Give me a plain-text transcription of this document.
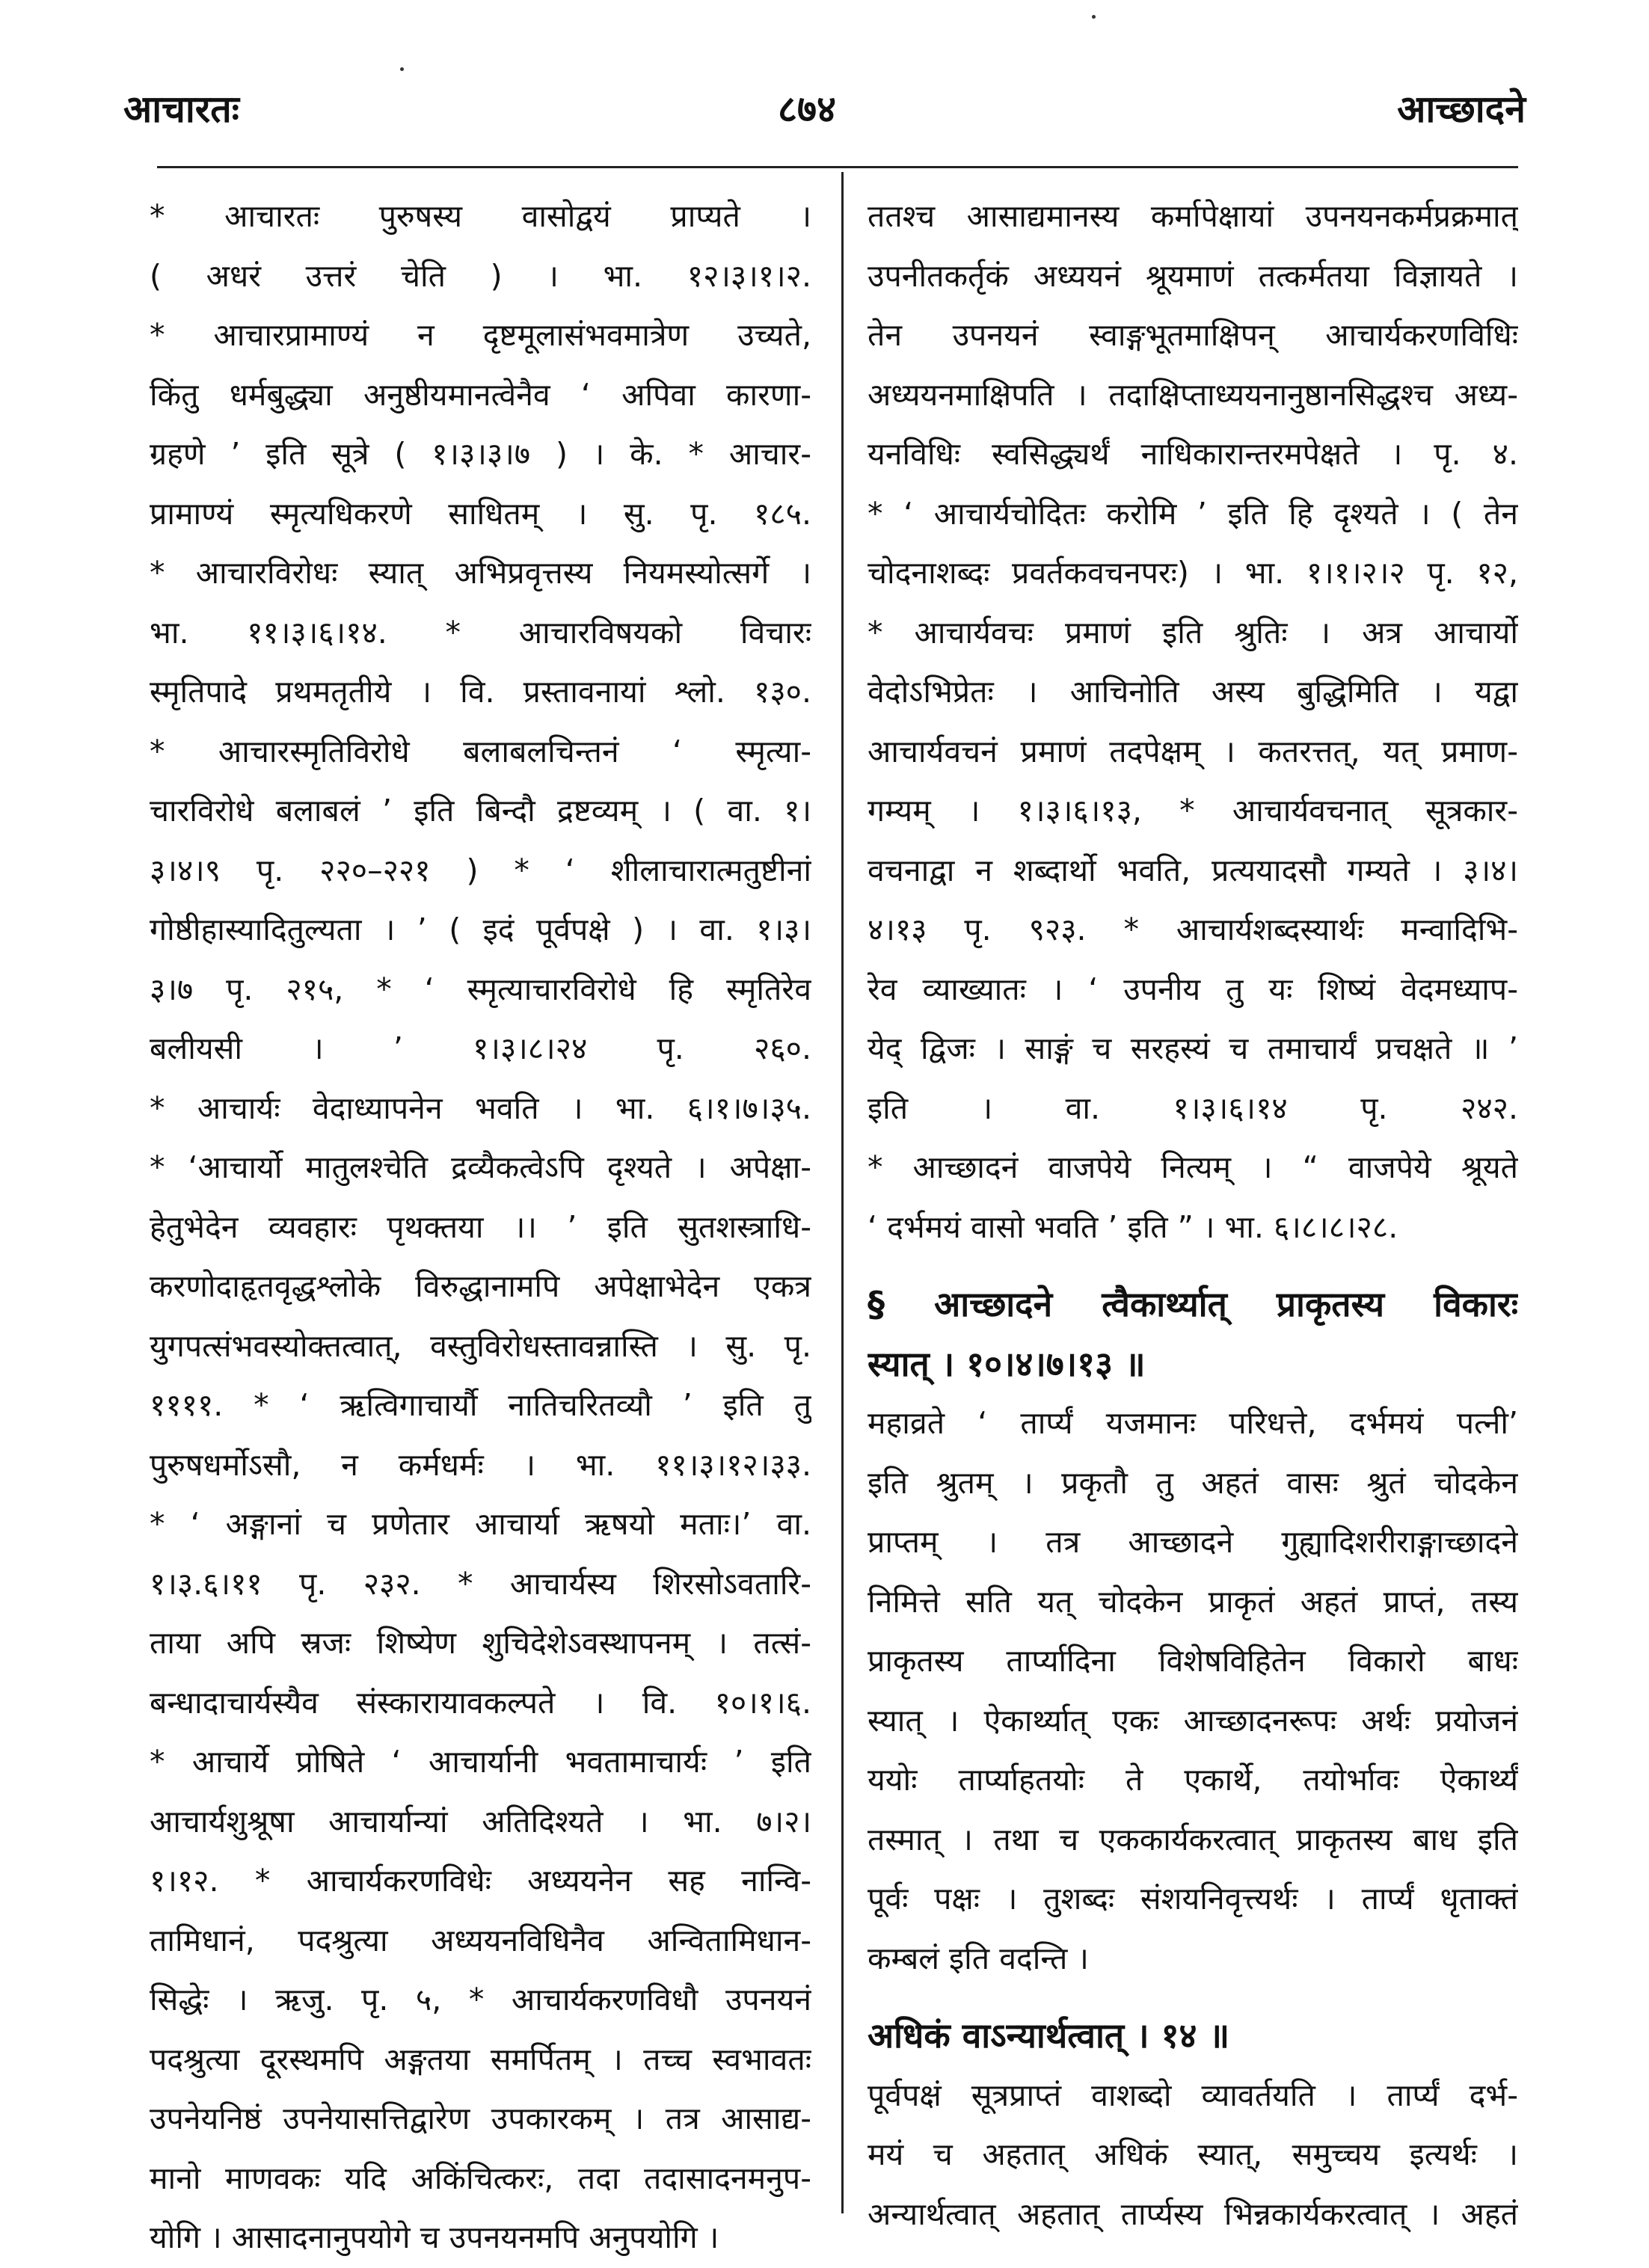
आचारतः	८७४	आच्छादने
* आचारतः पुरुषस्य वासोद्वयं प्राप्यते ।
( अधरं उत्तरं चेति ) । भा. १२।३।१।२.
* आचारप्रामाण्यं न दृष्टमूलासंभवमात्रेण उच्यते,
किंतु धर्मबुद्ध्या अनुष्ठीयमानत्वेनैव ‘ अपिवा कारणा-
ग्रहणे ’ इति सूत्रे ( १।३।३।७ ) । के. * आचार-
प्रामाण्यं स्मृत्यधिकरणे साधितम् । सु. पृ. १८५.
* आचारविरोधः स्यात् अभिप्रवृत्तस्य नियमस्योत्सर्गे ।
भा. ११।३।६।१४. * आचारविषयको विचारः
स्मृतिपादे प्रथमतृतीये । वि. प्रस्तावनायां श्लो. १३०.
* आचारस्मृतिविरोधे बलाबलचिन्तनं ‘ स्मृत्या-
चारविरोधे बलाबलं ’ इति बिन्दौ द्रष्टव्यम् । ( वा. १।
३।४।९ पृ. २२०–२२१ ) * ‘ शीलाचारात्मतुष्टीनां
गोष्ठीहास्यादितुल्यता । ’ ( इदं पूर्वपक्षे ) । वा. १।३।
३।७ पृ. २१५, * ‘ स्मृत्याचारविरोधे हि स्मृतिरेव
बलीयसी । ’ १।३।८।२४ पृ. २६०.
* आचार्यः वेदाध्यापनेन भवति । भा. ६।१।७।३५.
* ‘आचार्यो मातुलश्चेति द्रव्यैकत्वेऽपि दृश्यते । अपेक्षा-
हेतुभेदेन व्यवहारः पृथक्तया ।। ’ इति सुतशस्त्राधि-
करणोदाहृतवृद्धश्लोके विरुद्धानामपि अपेक्षाभेदेन एकत्र
युगपत्संभवस्योक्तत्वात्, वस्तुविरोधस्तावन्नास्ति । सु. पृ.
११११. * ‘ ऋत्विगाचार्यौ नातिचरितव्यौ ’ इति तु
पुरुषधर्मोऽसौ, न कर्मधर्मः । भा. ११।३।१२।३३.
* ‘ अङ्गानां च प्रणेतार आचार्या ऋषयो मताः।’ वा.
१।३.६।११ पृ. २३२. * आचार्यस्य शिरसोऽवतारि-
ताया अपि स्रजः शिष्येण शुचिदेशेऽवस्थापनम् । तत्सं-
बन्धादाचार्यस्यैव संस्कारायावकल्पते । वि. १०।१।६.
* आचार्ये प्रोषिते ‘ आचार्यानी भवतामाचार्यः ’ इति
आचार्यशुश्रूषा आचार्यान्यां अतिदिश्यते । भा. ७।२।
१।१२. * आचार्यकरणविधेः अध्ययनेन सह नान्वि-
तामिधानं, पदश्रुत्या अध्ययनविधिनैव अन्वितामिधान-
सिद्धेः । ऋजु. पृ. ५, * आचार्यकरणविधौ उपनयनं
पदश्रुत्या दूरस्थमपि अङ्गतया समर्पितम् । तच्च स्वभावतः
उपनेयनिष्ठं उपनेयासत्तिद्वारेण उपकारकम् । तत्र आसाद्य-
मानो माणवकः यदि अकिंचित्करः, तदा तदासादनमनुप-
योगि । आसादनानुपयोगे च उपनयनमपि अनुपयोगि ।
ततश्च आसाद्यमानस्य कर्मापेक्षायां उपनयनकर्मप्रक्रमात्
उपनीतकर्तृकं अध्ययनं श्रूयमाणं तत्कर्मतया विज्ञायते ।
तेन उपनयनं स्वाङ्गभूतमाक्षिपन् आचार्यकरणविधिः
अध्ययनमाक्षिपति । तदाक्षिप्ताध्ययनानुष्ठानसिद्धश्च अध्य-
यनविधिः स्वसिद्ध्यर्थं नाधिकारान्तरमपेक्षते । पृ. ४.
* ‘ आचार्यचोदितः करोमि ’ इति हि दृश्यते । ( तेन
चोदनाशब्दः प्रवर्तकवचनपरः) । भा. १।१।२।२ पृ. १२,
* आचार्यवचः प्रमाणं इति श्रुतिः । अत्र आचार्यो
वेदोऽभिप्रेतः । आचिनोति अस्य बुद्धिमिति । यद्वा
आचार्यवचनं प्रमाणं तदपेक्षम् । कतरत्तत्, यत् प्रमाण-
गम्यम् । १।३।६।१३, * आचार्यवचनात् सूत्रकार-
वचनाद्वा न शब्दार्थो भवति, प्रत्ययादसौ गम्यते । ३।४।
४।१३ पृ. ९२३. * आचार्यशब्दस्यार्थः मन्वादिभि-
रेव व्याख्यातः । ‘ उपनीय तु यः शिष्यं वेदमध्याप-
येद् द्विजः । साङ्गं च सरहस्यं च तमाचार्यं प्रचक्षते ॥ ’
इति । वा. १।३।६।१४ पृ. २४२.
* आच्छादनं वाजपेये नित्यम् । “ वाजपेये श्रूयते
‘ दर्भमयं वासो भवति ’ इति ” । भा. ६।८।८।२८.
§ आच्छादने त्वैकार्थ्यात् प्राकृतस्य विकारः
स्यात् । १०।४।७।१३ ॥
महाव्रते ‘ तार्प्यं यजमानः परिधत्ते, दर्भमयं पत्नी’
इति श्रुतम् । प्रकृतौ तु अहतं वासः श्रुतं चोदकेन
प्राप्तम् । तत्र आच्छादने गुह्यादिशरीराङ्गाच्छादने
निमित्ते सति यत् चोदकेन प्राकृतं अहतं प्राप्तं, तस्य
प्राकृतस्य तार्प्यादिना विशेषविहितेन विकारो बाधः
स्यात् । ऐकार्थ्यात् एकः आच्छादनरूपः अर्थः प्रयोजनं
ययोः तार्प्याहतयोः ते एकार्थे, तयोर्भावः ऐकार्थ्यं
तस्मात् । तथा च एककार्यकरत्वात् प्राकृतस्य बाध इति
पूर्वः पक्षः । तुशब्दः संशयनिवृत्त्यर्थः । तार्प्यं धृताक्तं
कम्बलं इति वदन्ति ।
अधिकं वाऽन्यार्थत्वात् । १४ ॥
पूर्वपक्षं सूत्रप्राप्तं वाशब्दो व्यावर्तयति । तार्प्यं दर्भ-
मयं च अहतात् अधिकं स्यात्, समुच्चय इत्यर्थः ।
अन्यार्थत्वात् अहतात् तार्प्यस्य भिन्नकार्यकरत्वात् । अहतं
